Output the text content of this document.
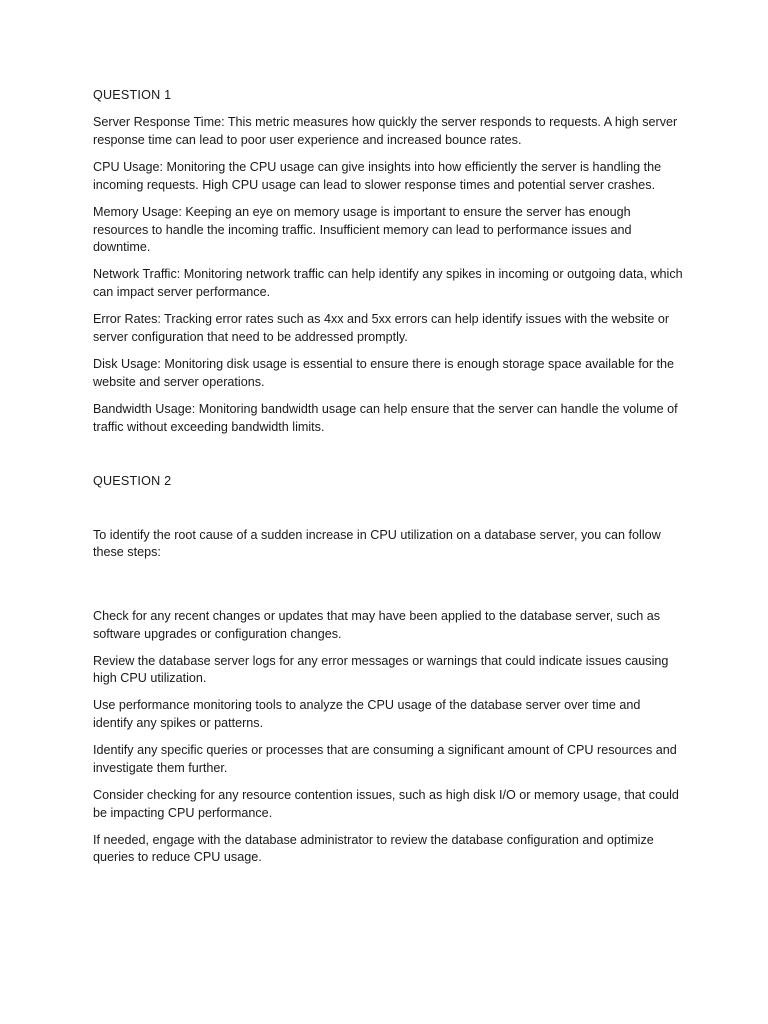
QUESTION 1

Server Response Time: This metric measures how quickly the server responds to requests. A high server response time can lead to poor user experience and increased bounce rates.

CPU Usage: Monitoring the CPU usage can give insights into how efficiently the server is handling the incoming requests. High CPU usage can lead to slower response times and potential server crashes.

Memory Usage: Keeping an eye on memory usage is important to ensure the server has enough resources to handle the incoming traffic. Insufficient memory can lead to performance issues and downtime.

Network Traffic: Monitoring network traffic can help identify any spikes in incoming or outgoing data, which can impact server performance.

Error Rates: Tracking error rates such as 4xx and 5xx errors can help identify issues with the website or server configuration that need to be addressed promptly.

Disk Usage: Monitoring disk usage is essential to ensure there is enough storage space available for the website and server operations.

Bandwidth Usage: Monitoring bandwidth usage can help ensure that the server can handle the volume of traffic without exceeding bandwidth limits.

QUESTION 2

To identify the root cause of a sudden increase in CPU utilization on a database server, you can follow these steps:

Check for any recent changes or updates that may have been applied to the database server, such as software upgrades or configuration changes.

Review the database server logs for any error messages or warnings that could indicate issues causing high CPU utilization.

Use performance monitoring tools to analyze the CPU usage of the database server over time and identify any spikes or patterns.

Identify any specific queries or processes that are consuming a significant amount of CPU resources and investigate them further.

Consider checking for any resource contention issues, such as high disk I/O or memory usage, that could be impacting CPU performance.

If needed, engage with the database administrator to review the database configuration and optimize queries to reduce CPU usage.
